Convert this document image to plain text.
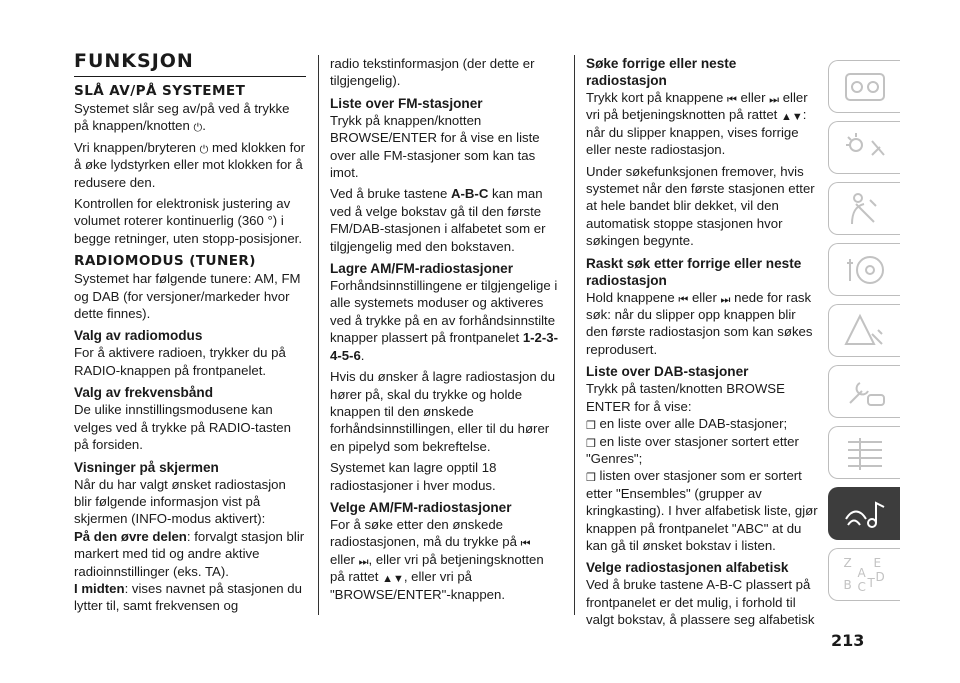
FUNKSJON
SLÅ AV/PÅ SYSTEMET

Systemet slår seg av/på ved å trykke på knappen/knotten ⏻.

Vri knappen/bryteren ⏻ med klokken for å øke lydstyrken eller mot klokken for å redusere den.

Kontrollen for elektronisk justering av volumet roterer kontinuerlig (360 °) i begge retninger, uten stopp-posisjoner.

RADIOMODUS (TUNER)

Systemet har følgende tunere: AM, FM og DAB (for versjoner/markeder hvor dette finnes).

Valg av radiomodus

For å aktivere radioen, trykker du på RADIO-knappen på frontpanelet.

Valg av frekvensbånd

De ulike innstillingsmodusene kan velges ved å trykke på RADIO-tasten på forsiden.

Visninger på skjermen

Når du har valgt ønsket radiostasjon blir følgende informasjon vist på skjermen (INFO-modus aktivert):

På den øvre delen: forvalgt stasjon blir markert med tid og andre aktive radioinnstillinger (eks. TA).

I midten: vises navnet på stasjonen du lytter til, samt frekvensen og

radio tekstinformasjon (der dette er tilgjengelig).

Liste over FM-stasjoner

Trykk på knappen/knotten BROWSE/ENTER for å vise en liste over alle FM-stasjoner som kan tas imot.

Ved å bruke tastene A-B-C kan man ved å velge bokstav gå til den første FM/DAB-stasjonen i alfabetet som er tilgjengelig med den bokstaven.

Lagre AM/FM-radiostasjoner

Forhåndsinnstillingene er tilgjengelige i alle systemets moduser og aktiveres ved å trykke på en av forhåndsinnstilte knapper plassert på frontpanelet 1-2-3-4-5-6.

Hvis du ønsker å lagre radiostasjon du hører på, skal du trykke og holde knappen til den ønskede forhåndsinnstillingen, eller til du hører en pipelyd som bekreftelse.

Systemet kan lagre opptil 18 radiostasjoner i hver modus.

Velge AM/FM-radiostasjoner

For å søke etter den ønskede radiostasjonen, må du trykke på ⏮
eller ⏭, eller vri på betjeningsknotten på rattet ▲▼, eller vri på "BROWSE/ENTER"-knappen.

Søke forrige eller neste radiostasjon

Trykk kort på knappene ⏮ eller ⏭ eller vri på betjeningsknotten på rattet ▲▼: når du slipper knappen, vises forrige eller neste radiostasjon.

Under søkefunksjonen fremover, hvis systemet når den første stasjonen etter at hele bandet blir dekket, vil den automatisk stoppe stasjonen hvor søkingen begynte.

Raskt søk etter forrige eller neste radiostasjon

Hold knappene ⏮ eller ⏭ nede for rask søk: når du slipper opp knappen blir den første radiostasjon som kan søkes reprodusert.

Liste over DAB-stasjoner

Trykk på tasten/knotten BROWSE ENTER for å vise:

❒ en liste over alle DAB-stasjoner;
❒ en liste over stasjoner sortert etter "Genres";
❒ listen over stasjoner som er sortert etter "Ensembles" (grupper av kringkasting). I hver alfabetisk liste, gjør knappen på frontpanelet "ABC" at du kan gå til ønsket bokstav i listen.
Velge radiostasjonen alfabetisk

Ved å bruke tastene A-B-C plassert på frontpanelet er det mulig, i forhold til valgt bokstav, å plassere seg alfabetisk

Z E
A
B C T D
213
